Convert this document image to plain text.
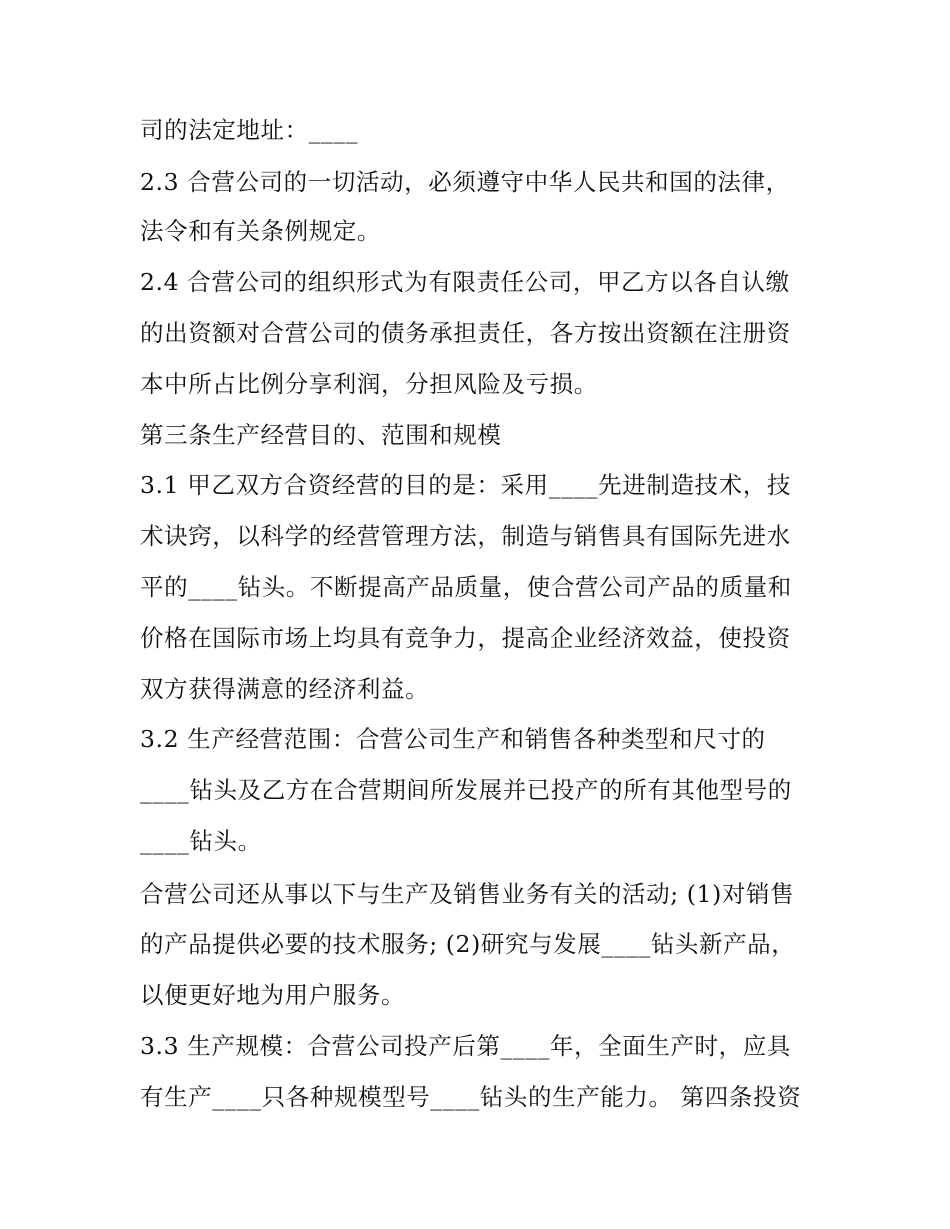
司的法定地址：____
2.3 合营公司的一切活动，必须遵守中华人民共和国的法律，
法令和有关条例规定。
2.4 合营公司的组织形式为有限责任公司，甲乙方以各自认缴
的出资额对合营公司的债务承担责任，各方按出资额在注册资
本中所占比例分享利润，分担风险及亏损。
第三条生产经营目的、范围和规模
3.1 甲乙双方合资经营的目的是：采用____先进制造技术，技
术诀窍，以科学的经营管理方法，制造与销售具有国际先进水
平的____钻头。不断提高产品质量，使合营公司产品的质量和
价格在国际市场上均具有竞争力，提高企业经济效益，使投资
双方获得满意的经济利益。
3.2 生产经营范围：合营公司生产和销售各种类型和尺寸的
____钻头及乙方在合营期间所发展并已投产的所有其他型号的
____钻头。
合营公司还从事以下与生产及销售业务有关的活动; (1)对销售
的产品提供必要的技术服务; (2)研究与发展____钻头新产品，
以便更好地为用户服务。
3.3 生产规模：合营公司投产后第____年，全面生产时，应具
有生产____只各种规模型号____钻头的生产能力。 第四条投资
